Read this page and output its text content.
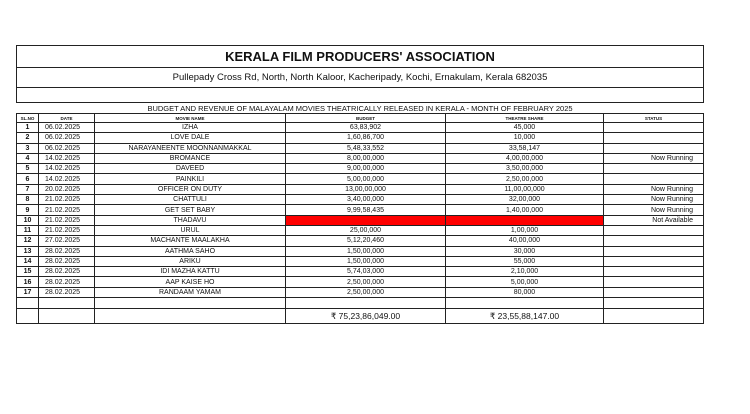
KERALA FILM PRODUCERS' ASSOCIATION					
Pullepady Cross Rd, North, North Kaloor, Kacheripady, Kochi, Ernakulam, Kerala 682035					

BUDGET AND REVENUE OF MALAYALAM MOVIES THEATRICALLY RELEASED IN KERALA - MONTH OF FEBRUARY 2025					
SL.NO	DATE	MOVIE NAME	BUDGET	THEATRE SHARE	STATUS
1	06.02.2025	IZHA	63,83,902	45,000	
2	06.02.2025	LOVE DALE	1,60,86,700	10,000	
3	06.02.2025	NARAYANEENTE MOONNANMAKKAL	5,48,33,552	33,58,147	
4	14.02.2025	BROMANCE	8,00,00,000	4,00,00,000	Now Running
5	14.02.2025	DAVEED	9,00,00,000	3,50,00,000	
6	14.02.2025	PAINKILI	5,00,00,000	2,50,00,000	
7	20.02.2025	OFFICER ON DUTY	13,00,00,000	11,00,00,000	Now Running
8	21.02.2025	CHATTULI	3,40,00,000	32,00,000	Now Running
9	21.02.2025	GET SET BABY	9,99,58,435	1,40,00,000	Now Running
10	21.02.2025	THADAVU			Not Available
11	21.02.2025	URUL	25,00,000	1,00,000	
12	27.02.2025	MACHANTE MAALAKHA	5,12,20,460	40,00,000	
13	28.02.2025	AATHMA SAHO	1,50,00,000	30,000	
14	28.02.2025	ARIKU	1,50,00,000	55,000	
15	28.02.2025	IDI MAZHA KATTU	5,74,03,000	2,10,000	
16	28.02.2025	AAP KAISE HO	2,50,00,000	5,00,000	
17	28.02.2025	RANDAAM YAMAM	2,50,00,000	80,000	

			₹ 75,23,86,049.00	₹ 23,55,88,147.00	
